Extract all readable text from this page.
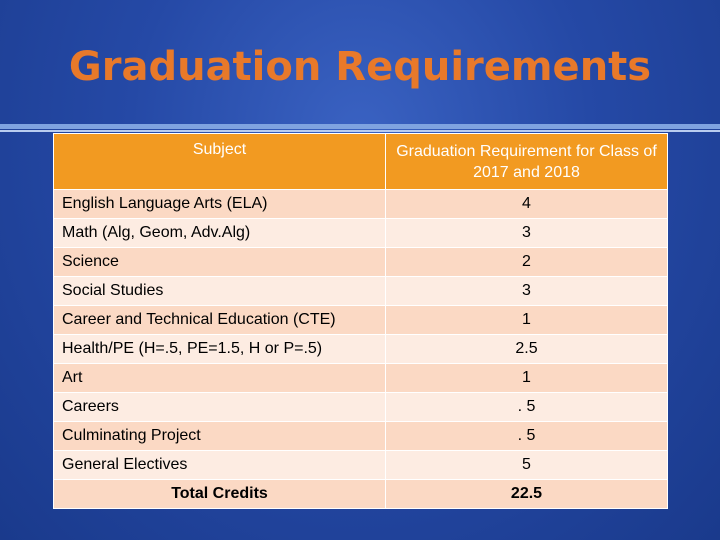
Graduation Requirements
Subject	Graduation Requirement for Class of 2017 and 2018
English Language Arts (ELA)	4
Math (Alg, Geom, Adv.Alg)	3
Science	2
Social Studies	3
Career and Technical Education (CTE)	1
Health/PE (H=.5, PE=1.5, H or P=.5)	2.5
Art	1
Careers	. 5
Culminating Project	. 5
General Electives	5
Total Credits	22.5
